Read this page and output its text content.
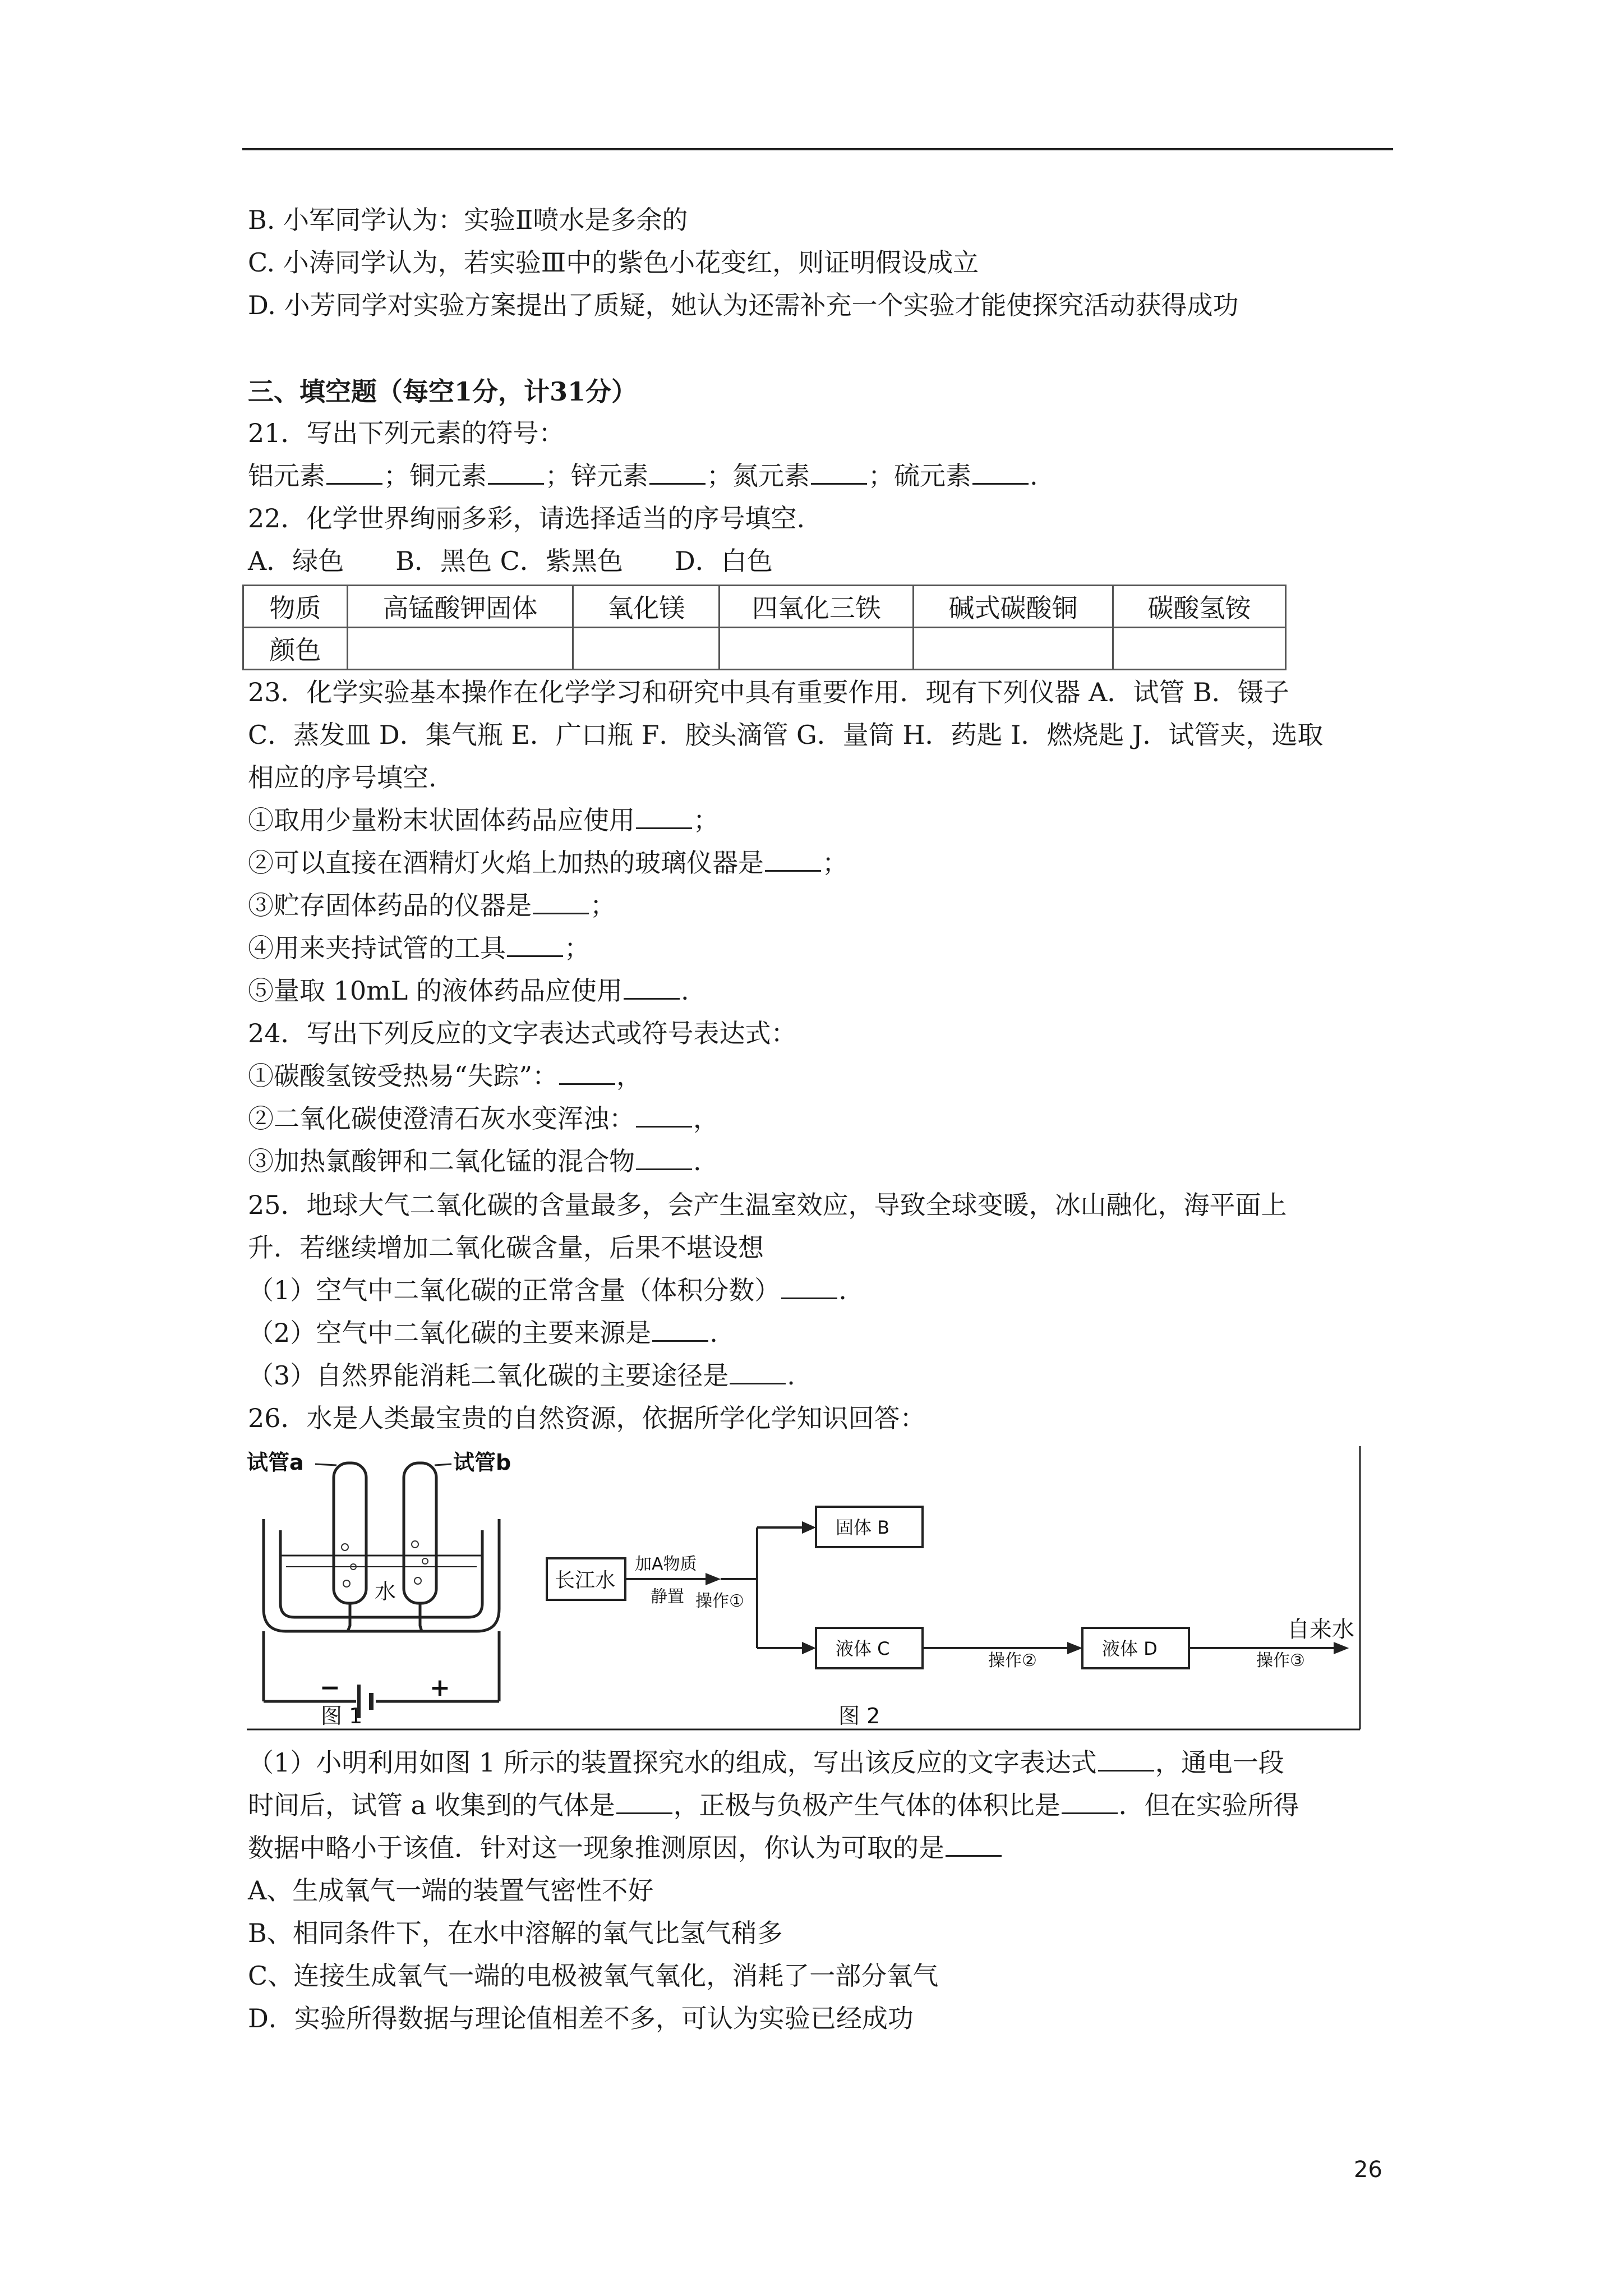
B. 小军同学认为：实验Ⅱ喷水是多余的
C. 小涛同学认为，若实验Ⅲ中的紫色小花变红，则证明假设成立
D. 小芳同学对实验方案提出了质疑，她认为还需补充一个实验才能使探究活动获得成功
三、填空题（每空1分，计31分）
21．写出下列元素的符号：
铝元素 ；铜元素 ；锌元素 ；氮元素 ；硫元素 .
22．化学世界绚丽多彩，请选择适当的序号填空.
A．绿色　　B．黑色 C．紫黑色　　D．白色
物质	高锰酸钾固体	氧化镁	四氧化三铁	碱式碳酸铜	碳酸氢铵
颜色					
23．化学实验基本操作在化学学习和研究中具有重要作用．现有下列仪器 A．试管 B．镊子
C．蒸发皿 D．集气瓶 E．广口瓶 F．胶头滴管 G．量筒 H．药匙 I．燃烧匙 J．试管夹，选取
相应的序号填空.
①取用少量粉末状固体药品应使用 ；
②可以直接在酒精灯火焰上加热的玻璃仪器是 ；
③贮存固体药品的仪器是 ；
④用来夹持试管的工具 ；
⑤量取 10mL 的液体药品应使用 .
24．写出下列反应的文字表达式或符号表达式：
①碳酸氢铵受热易“失踪”： ，
②二氧化碳使澄清石灰水变浑浊： ，
③加热氯酸钾和二氧化锰的混合物 .
25．地球大气二氧化碳的含量最多，会产生温室效应，导致全球变暖，冰山融化，海平面上
升．若继续增加二氧化碳含量，后果不堪设想
（1）空气中二氧化碳的正常含量（体积分数） .
（2）空气中二氧化碳的主要来源是 .
（3）自然界能消耗二氧化碳的主要途径是 .
26．水是人类最宝贵的自然资源，依据所学化学知识回答：
试管a	试管b
水
−	+
长江水
加A物质
静置 操作①
固体 B
液体 C
操作②
液体 D
操作③
自来水
图 1	图 2
（1）小明利用如图 1 所示的装置探究水的组成，写出该反应的文字表达式 ，通电一段
时间后，试管 a 收集到的气体是 ，正极与负极产生气体的体积比是 ．但在实验所得
数据中略小于该值．针对这一现象推测原因，你认为可取的是
A、生成氧气一端的装置气密性不好
B、相同条件下，在水中溶解的氧气比氢气稍多
C、连接生成氧气一端的电极被氧气氧化，消耗了一部分氧气
D．实验所得数据与理论值相差不多，可认为实验已经成功
26
